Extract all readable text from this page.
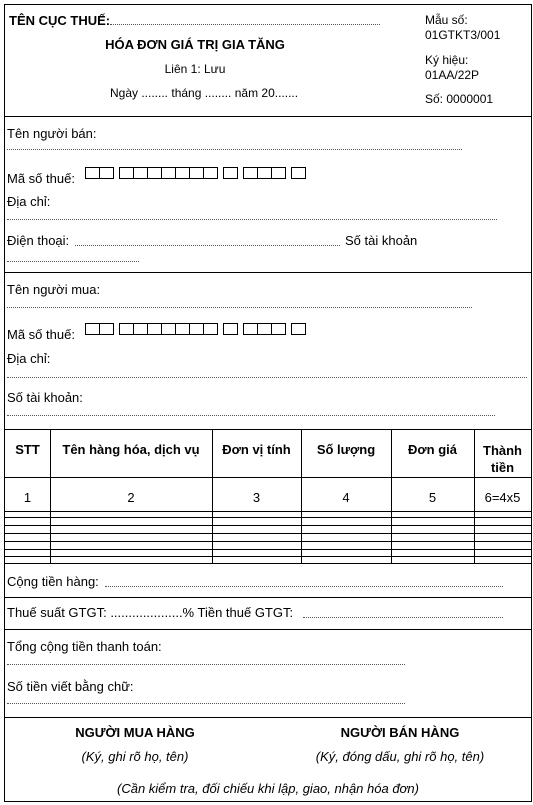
TÊN CỤC THUẾ:
HÓA ĐƠN GIÁ TRỊ GIA TĂNG
Liên 1: Lưu
Ngày ........ tháng ........ năm 20.......
Mẫu số:
01GTKT3/001
Ký hiệu:
01AA/22P
Số: 0000001
Tên người bán:
Mã số thuế:
Địa chỉ:
Điện thoại:	Số tài khoản
Tên người mua:
Mã số thuế:
Địa chỉ:
Số tài khoản:
STT	Tên hàng hóa, dịch vụ	Đơn vị tính	Số lượng	Đơn giá	Thành tiền
1	2	3	4	5	6=4x5
Cộng tiền hàng:
Thuế suất GTGT: ....................% Tiền thuế GTGT:
Tổng cộng tiền thanh toán:
Số tiền viết bằng chữ:
NGƯỜI MUA HÀNG
(Ký, ghi rõ họ, tên)
NGƯỜI BÁN HÀNG
(Ký, đóng dấu, ghi rõ họ, tên)
(Cần kiểm tra, đối chiếu khi lập, giao, nhận hóa đơn)
